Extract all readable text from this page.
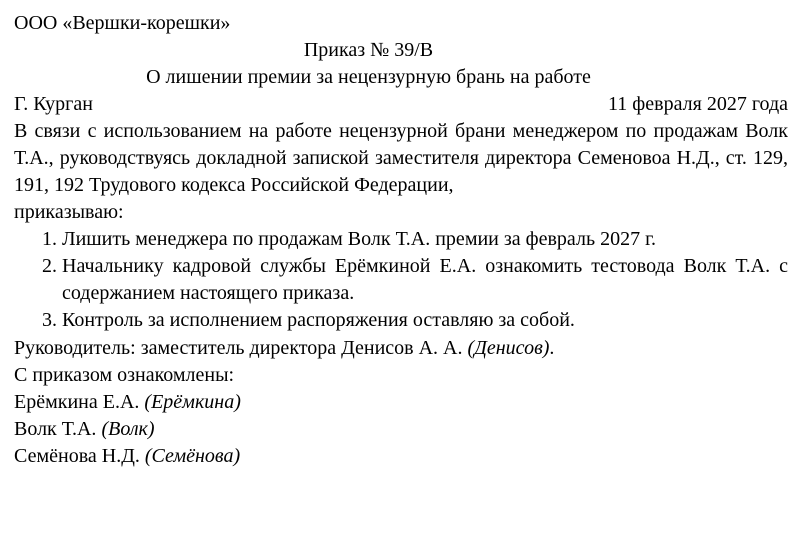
ООО «Вершки-корешки»

Приказ № 39/В

О лишении премии за нецензурную брань на работе

Г. Курган	11 февраля 2027 года

В связи с использованием на работе нецензурной брани менеджером по продажам Волк Т.А., руководствуясь докладной запиской заместителя директора Семеновоа Н.Д., ст. 129, 191, 192 Трудового кодекса Российской Федерации,

приказываю:

1. Лишить менеджера по продажам Волк Т.А. премии за февраль 2027 г.
2. Начальнику кадровой службы Ерёмкиной Е.А. ознакомить тестовода Волк Т.А. с содержанием настоящего приказа.
3. Контроль за исполнением распоряжения оставляю за собой.

Руководитель: заместитель директора Денисов А. А. (Денисов).

С приказом ознакомлены:

Ерёмкина Е.А. (Ерёмкина)

Волк Т.А. (Волк)

Семёнова Н.Д. (Семёнова)
